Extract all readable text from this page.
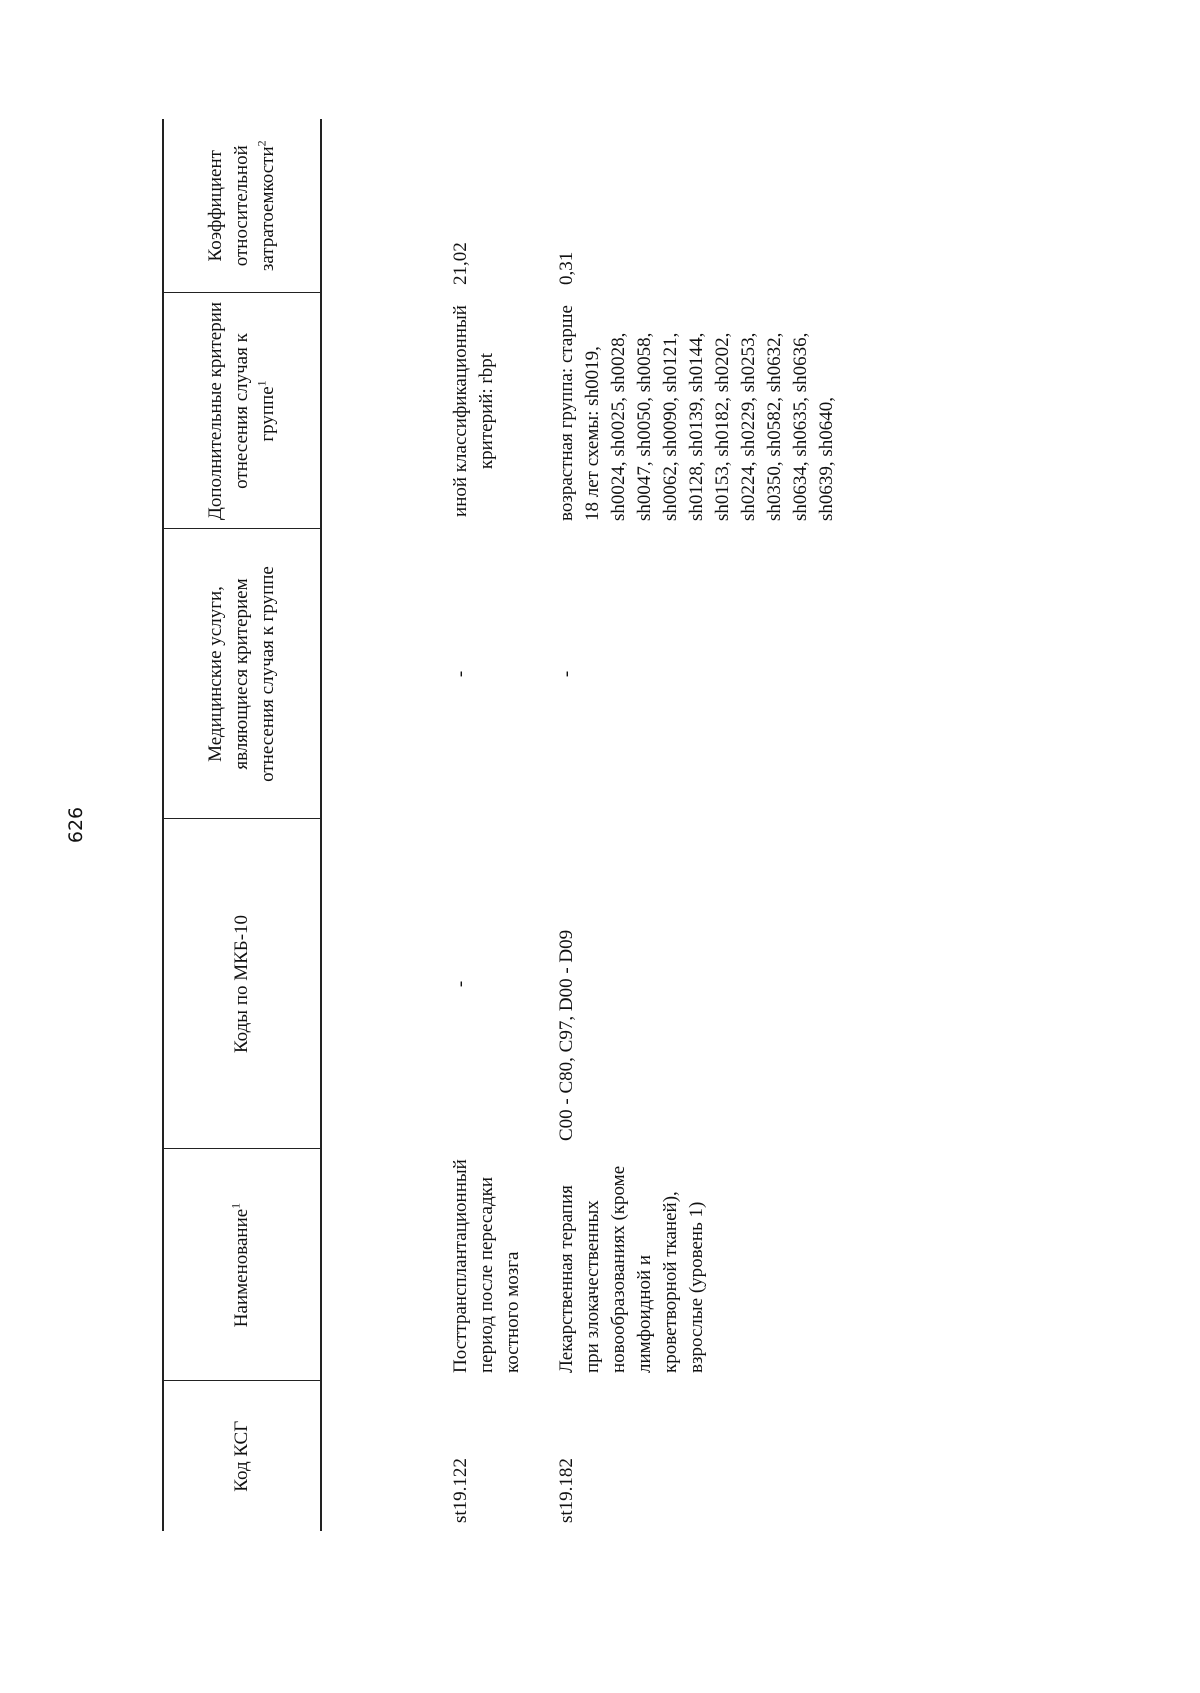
626
Код КСГ	Наименование$^1$	Коды по МКБ-10	Медицинские услуги, являющиеся критерием отнесения случая к группе	Дополнительные критерии отнесения случая к группе$^1$	Коэффициент относительной затратоемкости$^2$
st19.122	Посттрансплантационный период после пересадки костного мозга	-	-	иной классификационный критерий: rbpt	21,02
st19.182	Лекарственная терапия при злокачественных новообразованиях (кроме лимфоидной и кроветворной тканей), взрослые (уровень 1)	C00 - C80, C97, D00 - D09	-	возрастная группа: старше 18 лет схемы: sh0019, sh0024, sh0025, sh0028, sh0047, sh0050, sh0058, sh0062, sh0090, sh0121, sh0128, sh0139, sh0144, sh0153, sh0182, sh0202, sh0224, sh0229, sh0253, sh0350, sh0582, sh0632, sh0634, sh0635, sh0636, sh0639, sh0640,	0,31
